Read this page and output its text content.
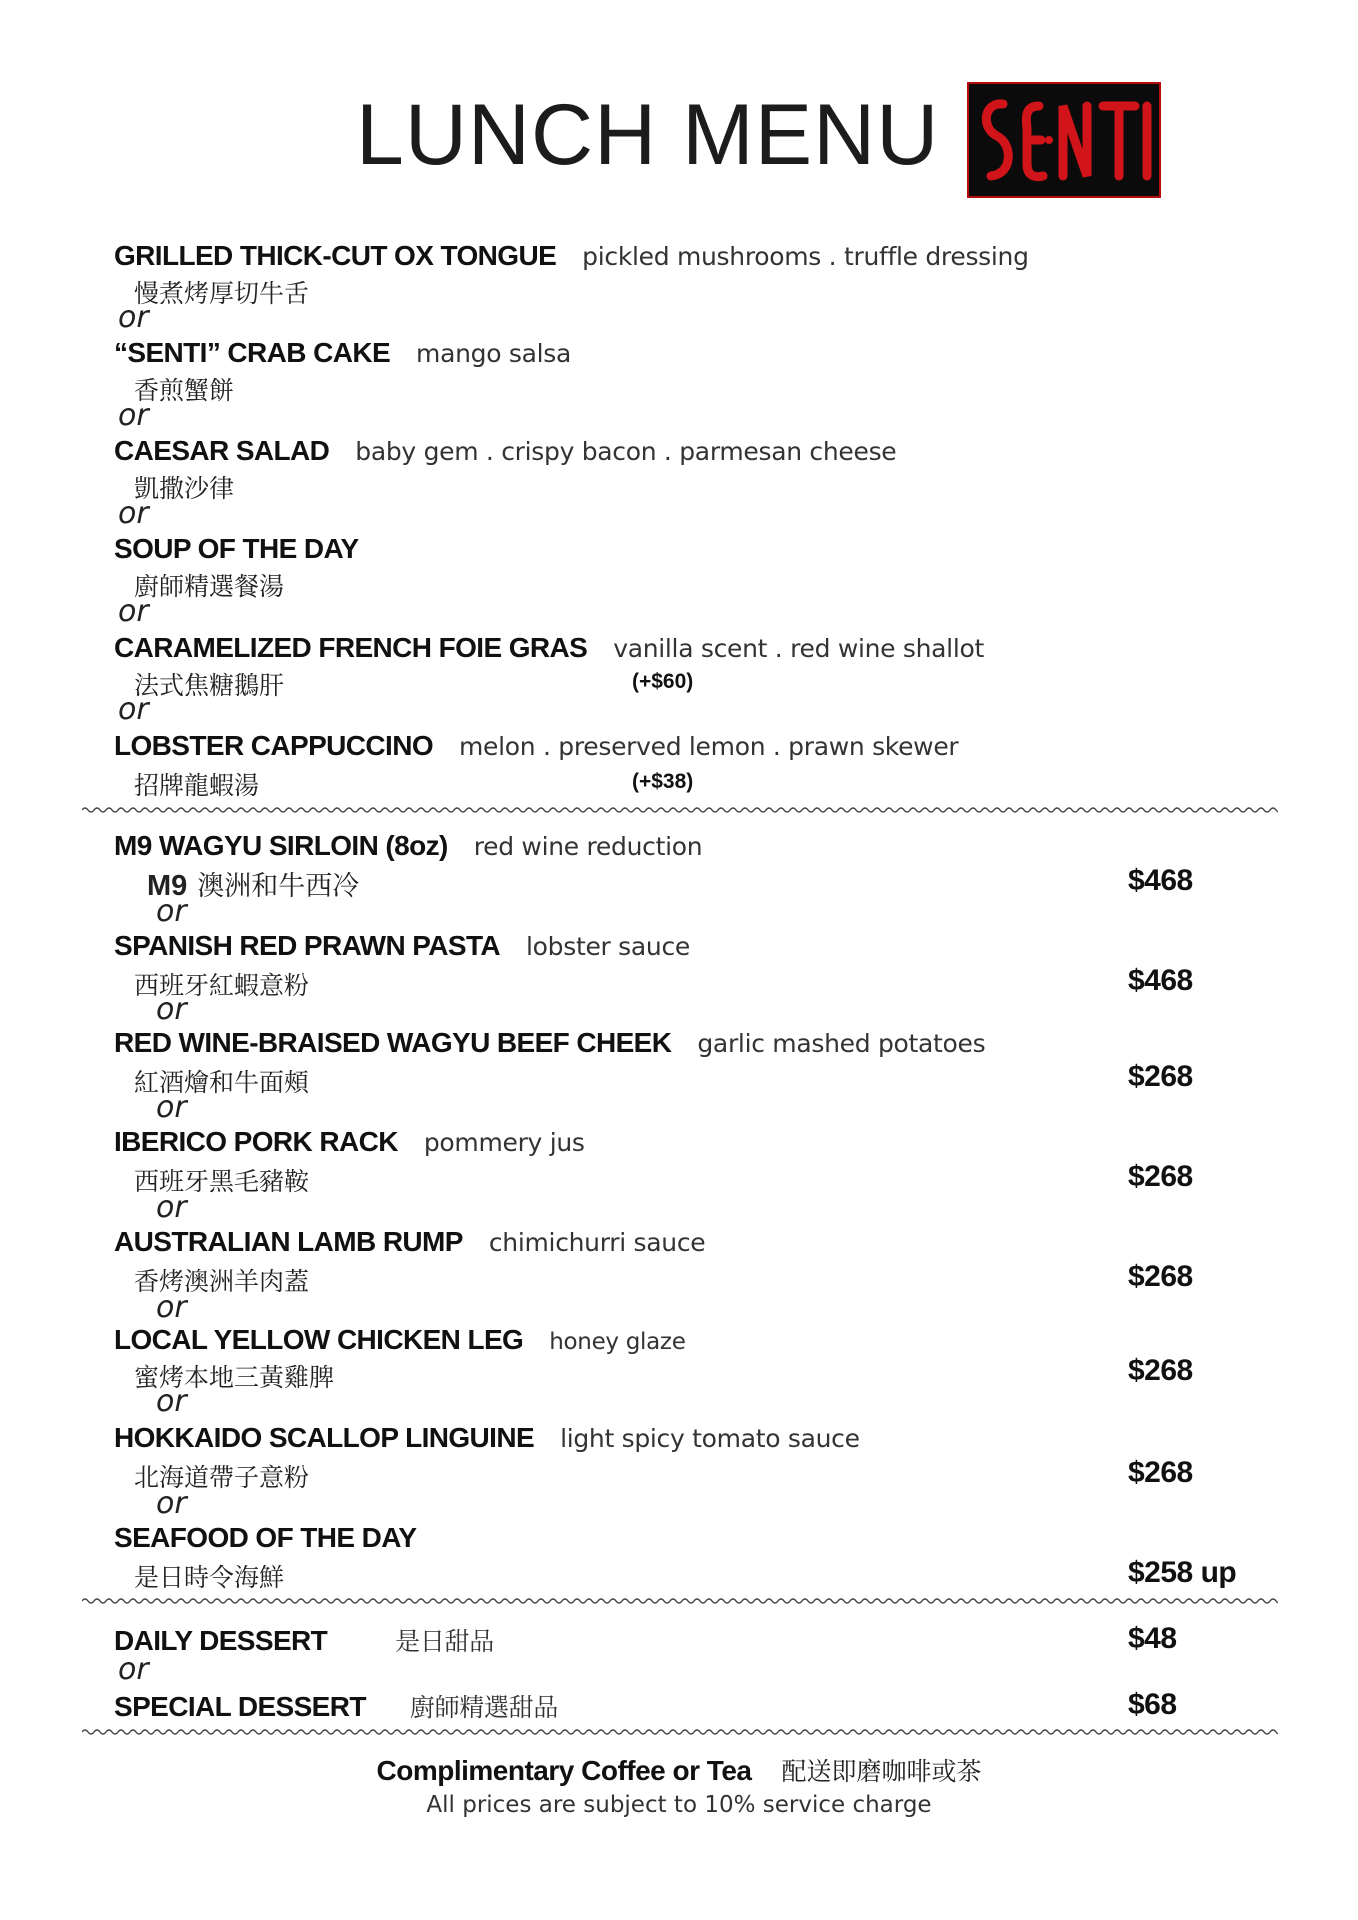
LUNCH MENU
GRILLED THICK-CUT OX TONGUE pickled mushrooms . truffle dressing
慢煮烤厚切牛舌
or
“SENTI” CRAB CAKE mango salsa
香煎蟹餅
or
CAESAR SALAD baby gem . crispy bacon . parmesan cheese
凱撒沙律
or
SOUP OF THE DAY
廚師精選餐湯
or
CARAMELIZED FRENCH FOIE GRAS vanilla scent . red wine shallot
法式焦糖鵝肝	(+$60)
or
LOBSTER CAPPUCCINO melon . preserved lemon . prawn skewer
招牌龍蝦湯	(+$38)
M9 WAGYU SIRLOIN (8oz) red wine reduction
M9 澳洲和牛西冷	$468
or
SPANISH RED PRAWN PASTA lobster sauce
西班牙紅蝦意粉	$468
or
RED WINE-BRAISED WAGYU BEEF CHEEK garlic mashed potatoes
紅酒燴和牛面頰	$268
or
IBERICO PORK RACK pommery jus
西班牙黑毛豬鞍	$268
or
AUSTRALIAN LAMB RUMP chimichurri sauce
香烤澳洲羊肉蓋	$268
or
LOCAL YELLOW CHICKEN LEG honey glaze
蜜烤本地三黃雞脾	$268
or
HOKKAIDO SCALLOP LINGUINE light spicy tomato sauce
北海道帶子意粉	$268
or
SEAFOOD OF THE DAY
是日時令海鮮	$258 up
DAILY DESSERT	是日甜品	$48
or
SPECIAL DESSERT 廚師精選甜品	$68
Complimentary Coffee or Tea 配送即磨咖啡或茶
All prices are subject to 10% service charge
